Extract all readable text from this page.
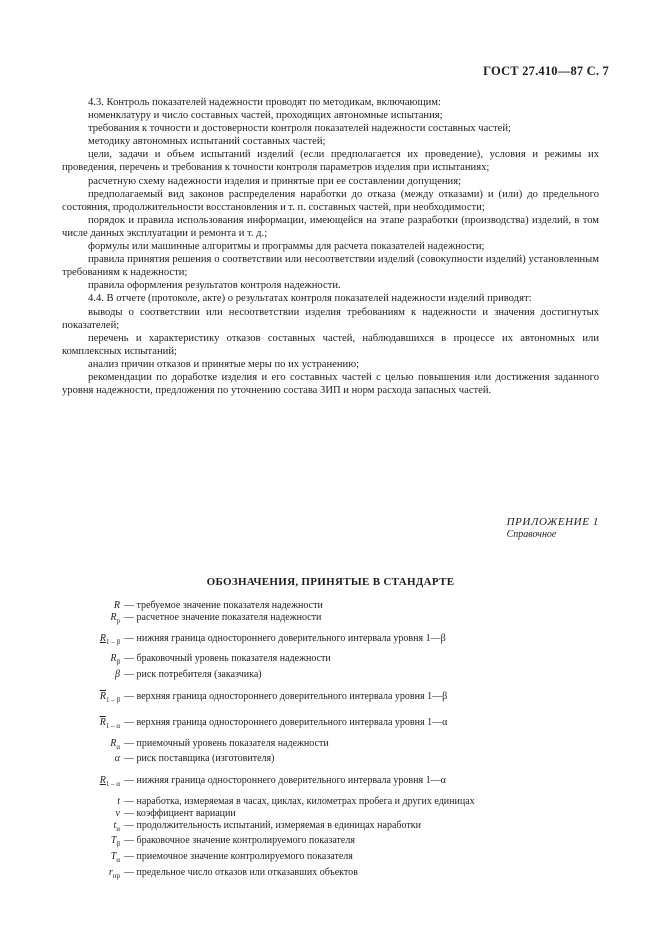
ГОСТ 27.410—87 С. 7

4.3. Контроль показателей надежности проводят по методикам, включающим:

номенклатуру и число составных частей, проходящих автономные испытания;

требования к точности и достоверности контроля показателей надежности составных частей;

методику автономных испытаний составных частей;

цели, задачи и объем испытаний изделий (если предполагается их проведение), условия и режимы их проведения, перечень и требования к точности контроля параметров изделия при испытаниях;

расчетную схему надежности изделия и принятые при ее составлении допущения;

предполагаемый вид законов распределения наработки до отказа (между отказами) и (или) до предельного состояния, продолжительности восстановления и т. п. составных частей, при необходимости;

порядок и правила использования информации, имеющейся на этапе разработки (производства) изделий, в том числе данных эксплуатации и ремонта и т. д.;

формулы или машинные алгоритмы и программы для расчета показателей надежности;

правила принятия решения о соответствии или несоответствии изделий (совокупности изделий) установленным требованиям к надежности;

правила оформления результатов контроля надежности.

4.4. В отчете (протоколе, акте) о результатах контроля показателей надежности изделий приводят:

выводы о соответствии или несоответствии изделия требованиям к надежности и значения достигнутых показателей;

перечень и характеристику отказов составных частей, наблюдавшихся в процессе их автономных или комплексных испытаний;

анализ причин отказов и принятые меры по их устранению;

рекомендации по доработке изделия и его составных частей с целью повышения или достижения заданного уровня надежности, предложения по уточнению состава ЗИП и норм расхода запасных частей.

ПРИЛОЖЕНИЕ 1
Справочное
ОБОЗНАЧЕНИЯ, ПРИНЯТЫЕ В СТАНДАРТЕ
R — требуемое значение показателя надежности
$R_р$ — расчетное значение показателя надежности
$R_{1 - \beta}$ — нижняя граница одностороннего доверительного интервала уровня 1—β
$R_\beta$ — браковочный уровень показателя надежности
β — риск потребителя (заказчика)
$\overline{R}_{1 - \beta}$ — верхняя граница одностороннего доверительного интервала уровня 1—β
$\overline{R}_{1 - \alpha}$ — верхняя граница одностороннего доверительного интервала уровня 1—α
$R_\alpha$ — приемочный уровень показателя надежности
α — риск поставщика (изготовителя)
$R_{1 - \alpha}$ — нижняя граница одностороннего доверительного интервала уровня 1—α
t — наработка, измеряемая в часах, циклах, километрах пробега и других единицах
v — коэффициент вариации
$t_и$ — продолжительность испытаний, измеряемая в единицах наработки
$T_\beta$ — браковочное значение контролируемого показателя
$T_\alpha$ — приемочное значение контролируемого показателя
$r_{пр}$ — предельное число отказов или отказавших объектов
